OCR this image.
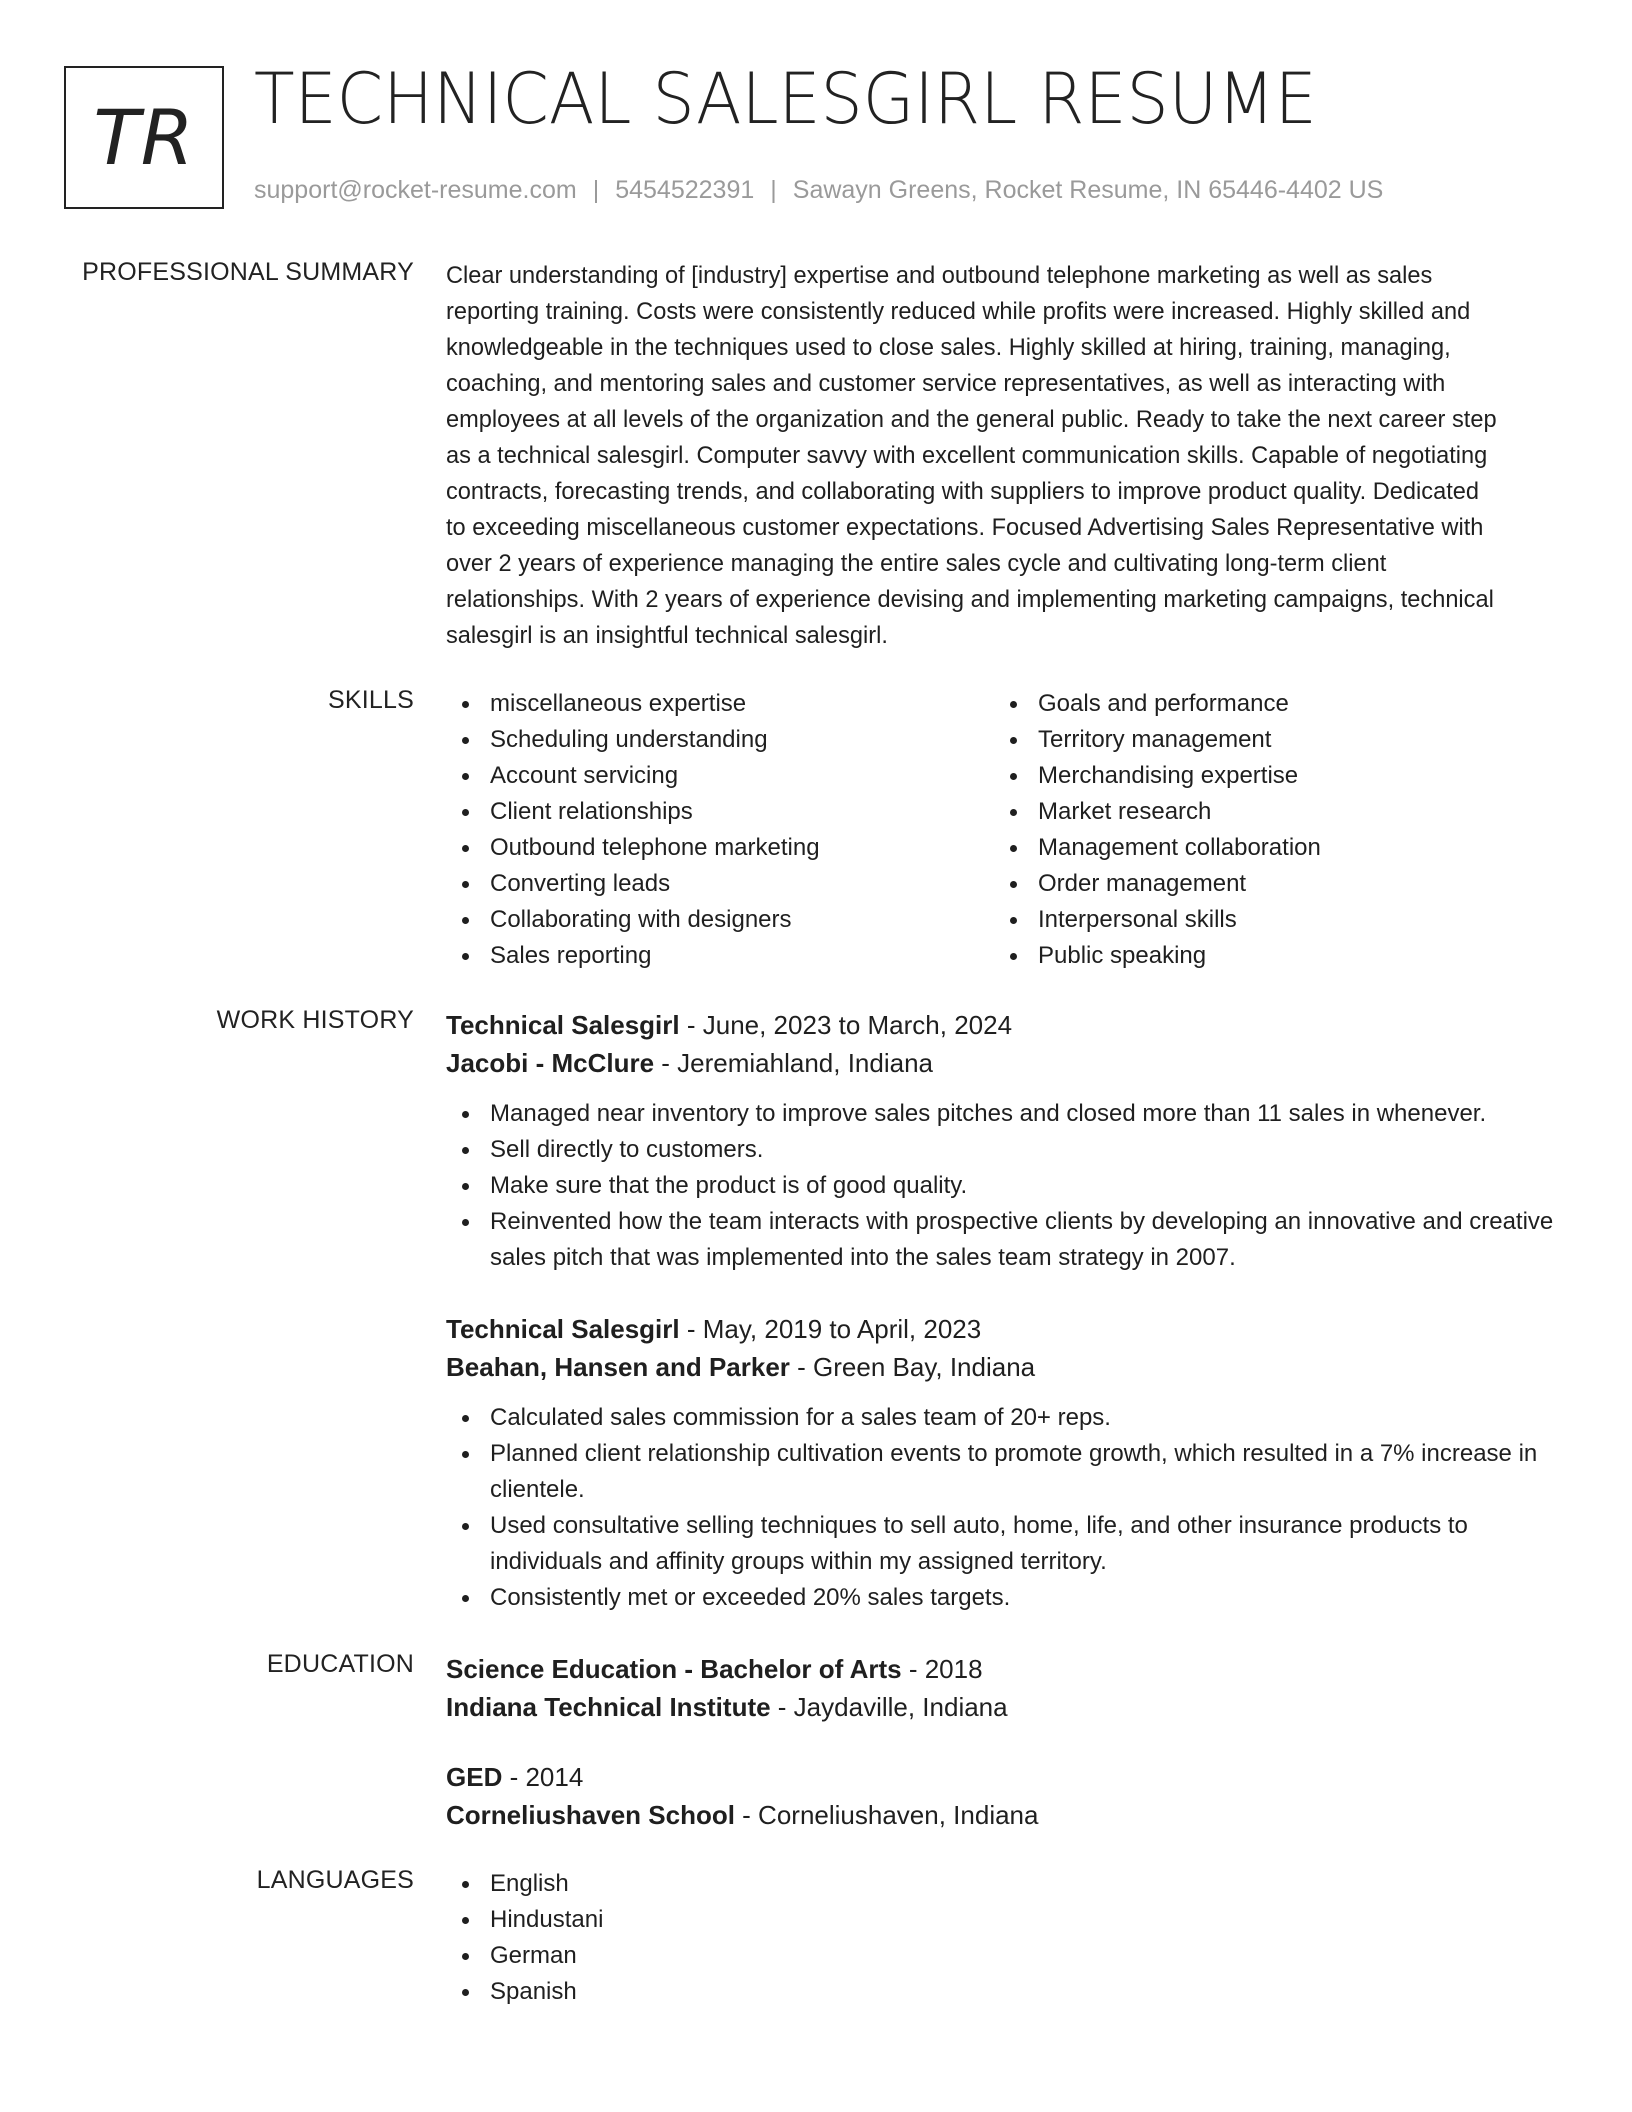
TR TECHNICAL SALESGIRL RESUME
support@rocket-resume.com | 5454522391 | Sawayn Greens, Rocket Resume, IN 65446-4402 US
PROFESSIONAL SUMMARY Clear understanding of [industry] expertise and outbound telephone marketing as well as sales

reporting training. Costs were consistently reduced while profits were increased. Highly skilled and

knowledgeable in the techniques used to close sales. Highly skilled at hiring, training, managing,

coaching, and mentoring sales and customer service representatives, as well as interacting with

employees at all levels of the organization and the general public. Ready to take the next career step

as a technical salesgirl. Computer savvy with excellent communication skills. Capable of negotiating

contracts, forecasting trends, and collaborating with suppliers to improve product quality. Dedicated

to exceeding miscellaneous customer expectations. Focused Advertising Sales Representative with

over 2 years of experience managing the entire sales cycle and cultivating long-term client

relationships. With 2 years of experience devising and implementing marketing campaigns, technical

salesgirl is an insightful technical salesgirl.

SKILLS	miscellaneous expertise
Scheduling understanding
Account servicing
Client relationships
Outbound telephone marketing
Converting leads
Collaborating with designers
Sales reporting
Goals and performance
Territory management
Merchandising expertise
Market research
Management collaboration
Order management
Interpersonal skills
Public speaking
WORK HISTORY Technical Salesgirl - June, 2023 to March, 2024
Jacobi - McClure - Jeremiahland, Indiana
Managed near inventory to improve sales pitches and closed more than 11 sales in whenever.
Sell directly to customers.
Make sure that the product is of good quality.
Reinvented how the team interacts with prospective clients by developing an innovative and creative sales pitch that was implemented into the sales team strategy in 2007.
Technical Salesgirl - May, 2019 to April, 2023
Beahan, Hansen and Parker - Green Bay, Indiana
Calculated sales commission for a sales team of 20+ reps.
Planned client relationship cultivation events to promote growth, which resulted in a 7% increase in clientele.
Used consultative selling techniques to sell auto, home, life, and other insurance products to individuals and affinity groups within my assigned territory.
Consistently met or exceeded 20% sales targets.
EDUCATION Science Education - Bachelor of Arts - 2018
Indiana Technical Institute - Jaydaville, Indiana
GED - 2014
Corneliushaven School - Corneliushaven, Indiana
LANGUAGES	English
Hindustani
German
Spanish
